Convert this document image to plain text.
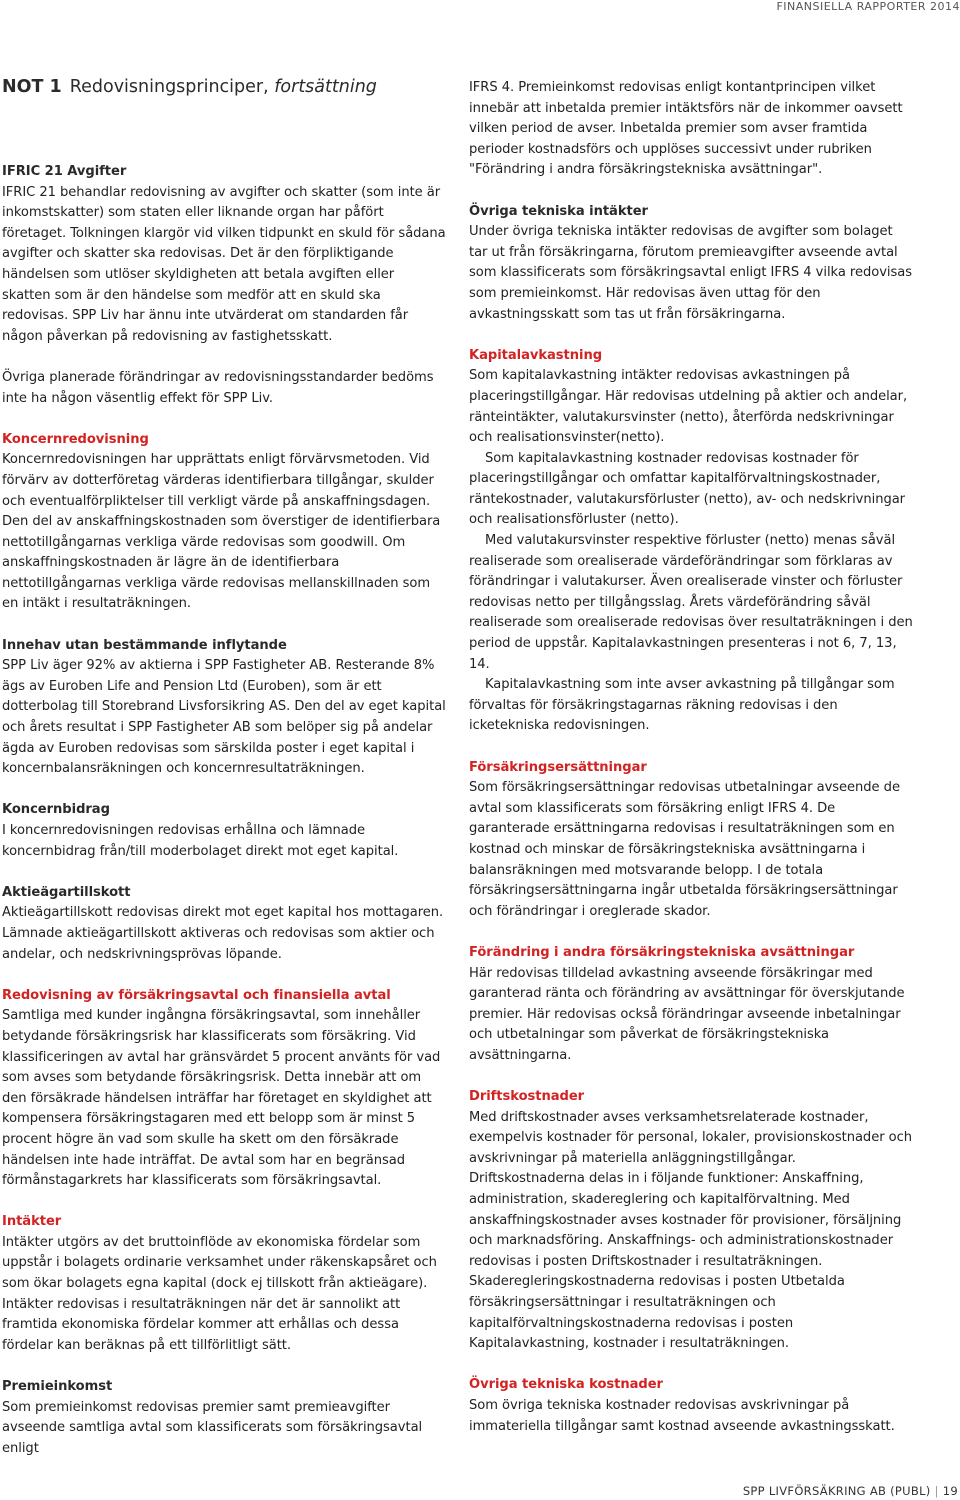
FINANSIELLA RAPPORTER 2014
NOT 1 Redovisningsprinciper, fortsättning
IFRIC 21 Avgifter

IFRIC 21 behandlar redovisning av avgifter och skatter (som inte är inkomstskatter) som staten eller liknande organ har påfört företaget. Tolkningen klargör vid vilken tidpunkt en skuld för sådana avgifter och skatter ska redovisas. Det är den förpliktigande händelsen som utlöser skyldigheten att betala avgiften eller skatten som är den händelse som medför att en skuld ska redovisas. SPP Liv har ännu inte utvärderat om standarden får någon påverkan på redovisning av fastighetsskatt.

Övriga planerade förändringar av redovisningsstandarder bedöms inte ha någon väsentlig effekt för SPP Liv.

Koncernredovisning

Koncernredovisningen har upprättats enligt förvärvsmetoden. Vid förvärv av dotterföretag värderas identifierbara tillgångar, skulder och eventualförpliktelser till verkligt värde på anskaffningsdagen. Den del av anskaffningskostnaden som överstiger de identifierbara nettotillgångarnas verkliga värde redovisas som goodwill. Om anskaffningskostnaden är lägre än de identifierbara nettotillgångarnas verkliga värde redovisas mellanskillnaden som en intäkt i resultaträkningen.

Innehav utan bestämmande inflytande

SPP Liv äger 92% av aktierna i SPP Fastigheter AB. Resterande 8% ägs av Euroben Life and Pension Ltd (Euroben), som är ett dotterbolag till Storebrand Livsforsikring AS. Den del av eget kapital och årets resultat i SPP Fastigheter AB som belöper sig på andelar ägda av Euroben redovisas som särskilda poster i eget kapital i koncernbalansräkningen och koncernresultaträkningen.

Koncernbidrag

I koncernredovisningen redovisas erhållna och lämnade koncernbidrag från/till moderbolaget direkt mot eget kapital.

Aktieägartillskott

Aktieägartillskott redovisas direkt mot eget kapital hos mottagaren. Lämnade aktieägartillskott aktiveras och redovisas som aktier och andelar, och nedskrivningsprövas löpande.

Redovisning av försäkringsavtal och finansiella avtal

Samtliga med kunder ingångna försäkringsavtal, som innehåller betydande försäkringsrisk har klassificerats som försäkring. Vid klassificeringen av avtal har gränsvärdet 5 procent använts för vad som avses som betydande försäkringsrisk. Detta innebär att om den försäkrade händelsen inträffar har företaget en skyldighet att kompensera försäkringstagaren med ett belopp som är minst 5 procent högre än vad som skulle ha skett om den försäkrade händelsen inte hade inträffat. De avtal som har en begränsad förmånstagarkrets har klassificerats som försäkringsavtal.

Intäkter

Intäkter utgörs av det bruttoinflöde av ekonomiska fördelar som uppstår i bolagets ordinarie verksamhet under räkenskapsåret och som ökar bolagets egna kapital (dock ej tillskott från aktieägare). Intäkter redovisas i resultaträkningen när det är sannolikt att framtida ekonomiska fördelar kommer att erhållas och dessa fördelar kan beräknas på ett tillförlitligt sätt.

Premieinkomst

Som premieinkomst redovisas premier samt premieavgifter avseende samtliga avtal som klassificerats som försäkringsavtal enligt

IFRS 4. Premieinkomst redovisas enligt kontantprincipen vilket innebär att inbetalda premier intäktsförs när de inkommer oavsett vilken period de avser. Inbetalda premier som avser framtida perioder kostnadsförs och upplöses successivt under rubriken "Förändring i andra försäkringstekniska avsättningar".

Övriga tekniska intäkter

Under övriga tekniska intäkter redovisas de avgifter som bolaget tar ut från försäkringarna, förutom premieavgifter avseende avtal som klassificerats som försäkringsavtal enligt IFRS 4 vilka redovisas som premieinkomst. Här redovisas även uttag för den avkastningsskatt som tas ut från försäkringarna.

Kapitalavkastning

Som kapitalavkastning intäkter redovisas avkastningen på placeringstillgångar. Här redovisas utdelning på aktier och andelar, ränteintäkter, valutakursvinster (netto), återförda nedskrivningar och realisationsvinster(netto).

Som kapitalavkastning kostnader redovisas kostnader för placeringstillgångar och omfattar kapitalförvaltningskostnader, räntekostnader, valutakursförluster (netto), av- och nedskrivningar och realisationsförluster (netto).

Med valutakursvinster respektive förluster (netto) menas såväl realiserade som orealiserade värdeförändringar som förklaras av förändringar i valutakurser. Även orealiserade vinster och förluster redovisas netto per tillgångsslag. Årets värdeförändring såväl realiserade som orealiserade redovisas över resultaträkningen i den period de uppstår. Kapitalavkastningen presenteras i not 6, 7, 13, 14.

Kapitalavkastning som inte avser avkastning på tillgångar som förvaltas för försäkringstagarnas räkning redovisas i den icketekniska redovisningen.

Försäkringsersättningar

Som försäkringsersättningar redovisas utbetalningar avseende de avtal som klassificerats som försäkring enligt IFRS 4. De garanterade ersättningarna redovisas i resultaträkningen som en kostnad och minskar de försäkringstekniska avsättningarna i balansräkningen med motsvarande belopp. I de totala försäkringsersättningarna ingår utbetalda försäkringsersättningar och förändringar i oreglerade skador.

Förändring i andra försäkringstekniska avsättningar

Här redovisas tilldelad avkastning avseende försäkringar med garanterad ränta och förändring av avsättningar för överskjutande premier. Här redovisas också förändringar avseende inbetalningar och utbetalningar som påverkat de försäkringstekniska avsättningarna.

Driftskostnader

Med driftskostnader avses verksamhetsrelaterade kostnader, exempelvis kostnader för personal, lokaler, provisionskostnader och avskrivningar på materiella anläggningstillgångar. Driftskostnaderna delas in i följande funktioner: Anskaffning, administration, skadereglering och kapitalförvaltning. Med anskaffningskostnader avses kostnader för provisioner, försäljning och marknadsföring. Anskaffnings- och administrationskostnader redovisas i posten Driftskostnader i resultaträkningen. Skaderegleringskostnaderna redovisas i posten Utbetalda försäkringsersättningar i resultaträkningen och kapitalförvaltningskostnaderna redovisas i posten Kapitalavkastning, kostnader i resultaträkningen.

Övriga tekniska kostnader

Som övriga tekniska kostnader redovisas avskrivningar på immateriella tillgångar samt kostnad avseende avkastningsskatt.

SPP LIVFÖRSÄKRING AB (PUBL) | 19
